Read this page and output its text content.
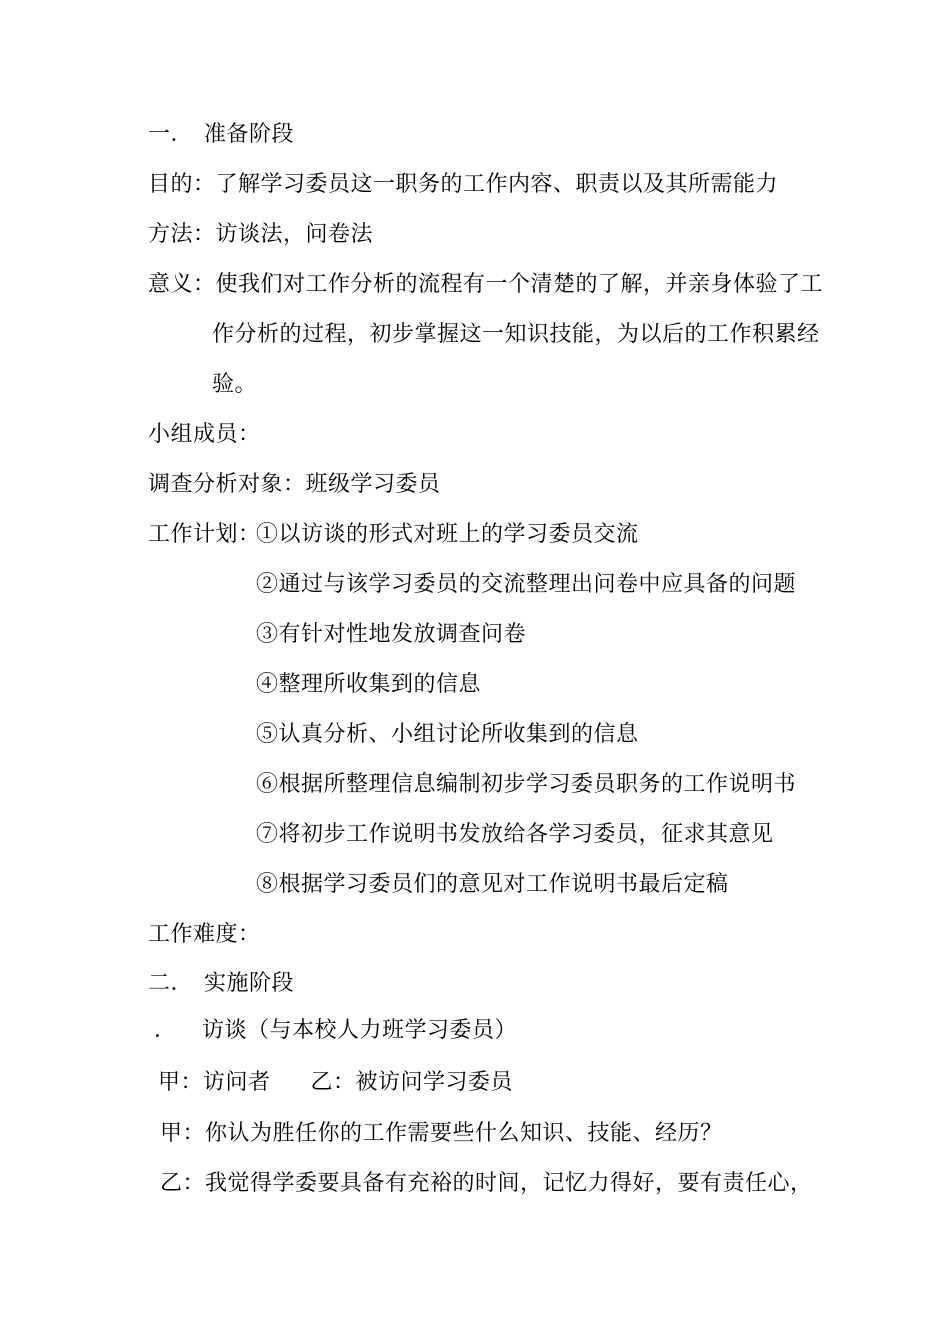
一． 准备阶段
目的：了解学习委员这一职务的工作内容、职责以及其所需能力
方法：访谈法，问卷法
意义：使我们对工作分析的流程有一个清楚的了解，并亲身体验了工
作分析的过程，初步掌握这一知识技能，为以后的工作积累经
验。
小组成员：
调查分析对象：班级学习委员
工作计划：
①以访谈的形式对班上的学习委员交流
②通过与该学习委员的交流整理出问卷中应具备的问题
③有针对性地发放调查问卷
④整理所收集到的信息
⑤认真分析、小组讨论所收集到的信息
⑥根据所整理信息编制初步学习委员职务的工作说明书
⑦将初步工作说明书发放给各学习委员，征求其意见
⑧根据学习委员们的意见对工作说明书最后定稿
工作难度：
二． 实施阶段
． 访谈（与本校人力班学习委员）
甲：访问者 乙：被访问学习委员
甲：你认为胜任你的工作需要些什么知识、技能、经历？
乙：我觉得学委要具备有充裕的时间，记忆力得好，要有责任心，
